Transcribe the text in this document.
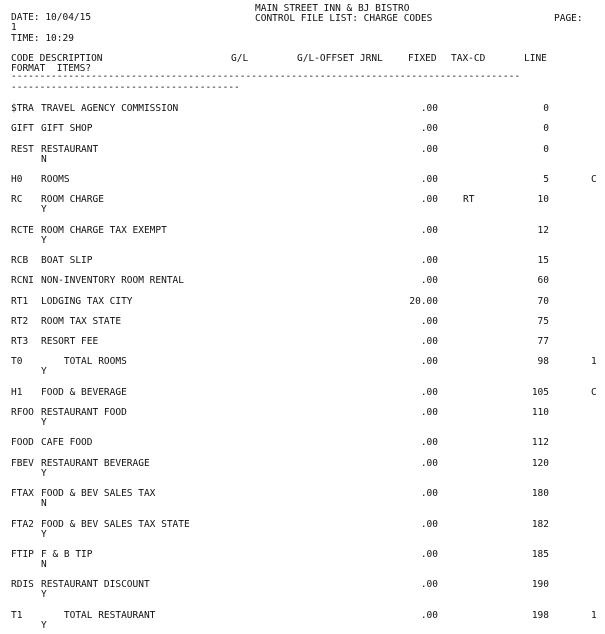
MAIN STREET INN & BJ BISTRO
CONTROL FILE LIST: CHARGE CODES
DATE: 10/04/15	PAGE:
1
TIME: 10:29
CODE DESCRIPTION	G/L	G/L-OFFSET JRNL	FIXED TAX-CD	LINE
FORMAT  ITEMS?
-----------------------------------------------------------------------------------------
----------------------------------------
$TRA TRAVEL AGENCY COMMISSION	.00	0
GIFT GIFT SHOP	.00	0
REST RESTAURANT	.00	0
N
H0 ROOMS	.00	5	C
RC ROOM CHARGE	.00	RT	10
Y
RCTE ROOM CHARGE TAX EXEMPT	.00	12
Y
RCB BOAT SLIP	.00	15
RCNI NON-INVENTORY ROOM RENTAL	.00	60
RT1 LODGING TAX CITY	20.00	70
RT2 ROOM TAX STATE	.00	75
RT3 RESORT FEE	.00	77
T0 TOTAL ROOMS	.00	98	1
Y
H1 FOOD & BEVERAGE	.00	105	C
RFOO RESTAURANT FOOD	.00	110
Y
FOOD CAFE FOOD	.00	112
FBEV RESTAURANT BEVERAGE	.00	120
Y
FTAX FOOD & BEV SALES TAX	.00	180
N
FTA2 FOOD & BEV SALES TAX STATE	.00	182
Y
FTIP F & B TIP	.00	185
N
RDIS RESTAURANT DISCOUNT	.00	190
Y
T1 TOTAL RESTAURANT	.00	198	1
Y
